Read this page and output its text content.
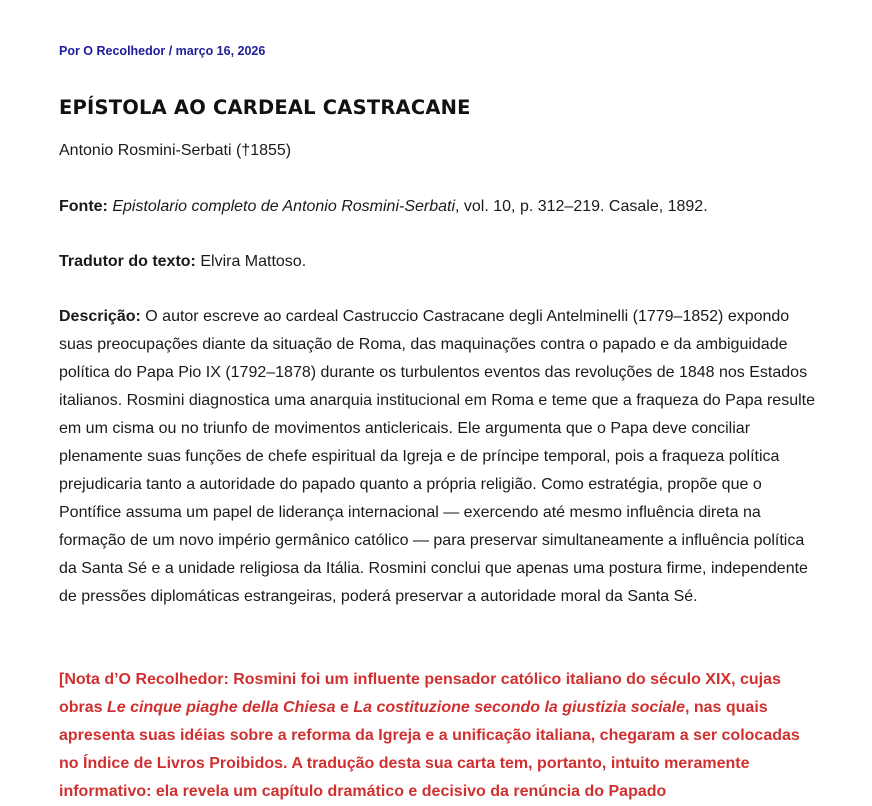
Por O Recolhedor / março 16, 2026
EPÍSTOLA AO CARDEAL CASTRACANE

Antonio Rosmini-Serbati (†1855)

Fonte: Epistolario completo de Antonio Rosmini-Serbati, vol. 10, p. 312–219. Casale, 1892.

Tradutor do texto: Elvira Mattoso.

Descrição: O autor escreve ao cardeal Castruccio Castracane degli Antelminelli (1779–1852) expondo suas preocupações diante da situação de Roma, das maquinações contra o papado e da ambiguidade política do Papa Pio IX (1792–1878) durante os turbulentos eventos das revoluções de 1848 nos Estados italianos. Rosmini diagnostica uma anarquia institucional em Roma e teme que a fraqueza do Papa resulte em um cisma ou no triunfo de movimentos anticlericais. Ele argumenta que o Papa deve conciliar plenamente suas funções de chefe espiritual da Igreja e de príncipe temporal, pois a fraqueza política prejudicaria tanto a autoridade do papado quanto a própria religião. Como estratégia, propõe que o Pontífice assuma um papel de liderança internacional — exercendo até mesmo influência direta na formação de um novo império germânico católico — para preservar simultaneamente a influência política da Santa Sé e a unidade religiosa da Itália. Rosmini conclui que apenas uma postura firme, independente de pressões diplomáticas estrangeiras, poderá preservar a autoridade moral da Santa Sé.

[Nota d’O Recolhedor: Rosmini foi um influente pensador católico italiano do século XIX, cujas obras Le cinque piaghe della Chiesa e La costituzione secondo la giustizia sociale, nas quais apresenta suas idéias sobre a reforma da Igreja e a unificação italiana, chegaram a ser colocadas no Índice de Livros Proibidos. A tradução desta sua carta tem, portanto, intuito meramente informativo: ela revela um capítulo dramático e decisivo da renúncia do Papado
